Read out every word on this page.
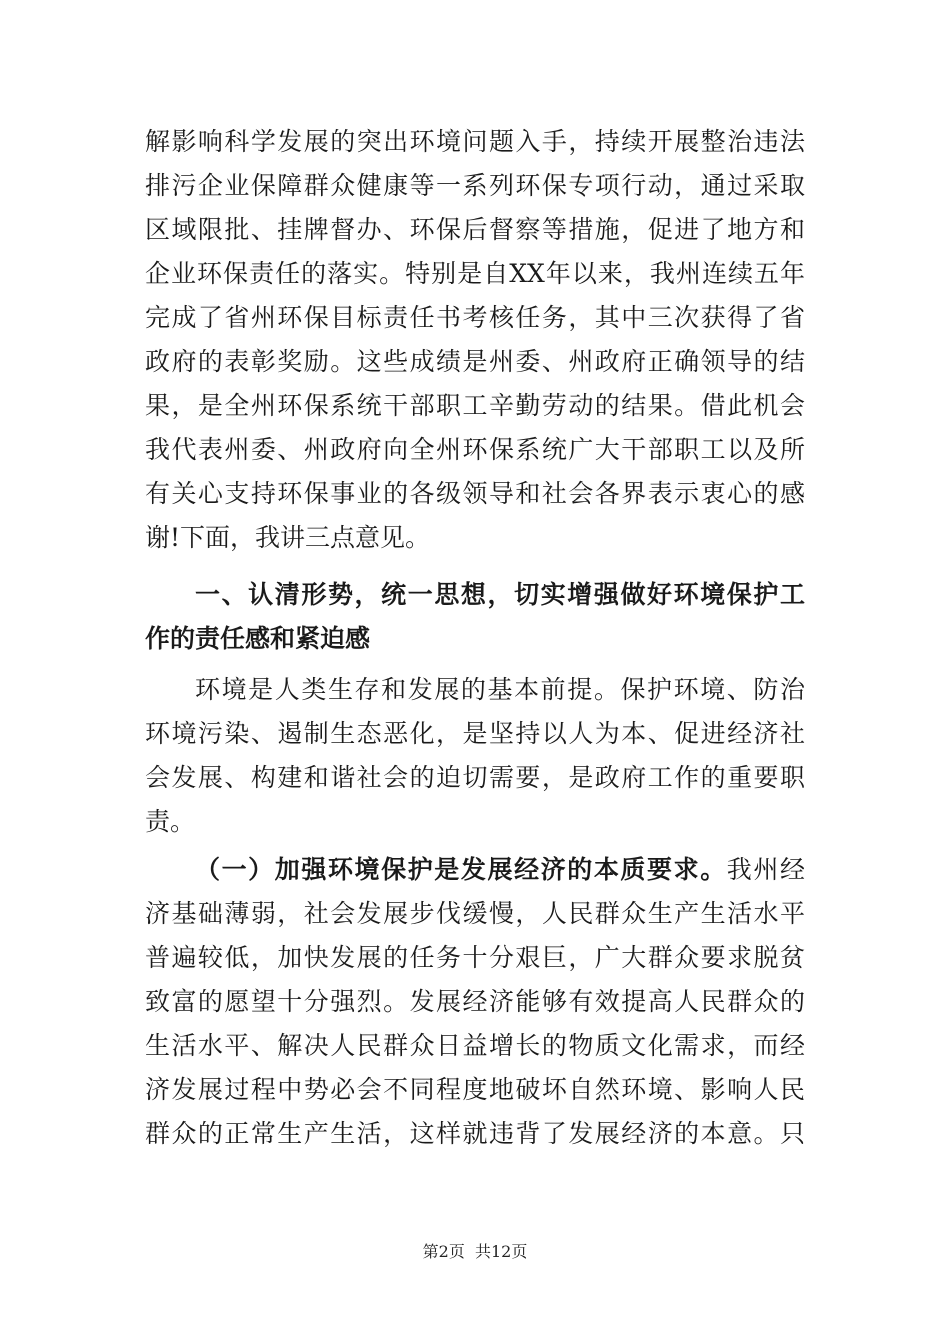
解影响科学发展的突出环境问题入手，持续开展整治违法
排污企业保障群众健康等一系列环保专项行动，通过采取
区域限批、挂牌督办、环保后督察等措施，促进了地方和
企业环保责任的落实。特别是自XX年以来，我州连续五年
完成了省州环保目标责任书考核任务，其中三次获得了省
政府的表彰奖励。这些成绩是州委、州政府正确领导的结
果，是全州环保系统干部职工辛勤劳动的结果。借此机会
我代表州委、州政府向全州环保系统广大干部职工以及所
有关心支持环保事业的各级领导和社会各界表示衷心的感
谢!下面，我讲三点意见。
一、认清形势，统一思想，切实增强做好环境保护工
作的责任感和紧迫感
环境是人类生存和发展的基本前提。保护环境、防治
环境污染、遏制生态恶化，是坚持以人为本、促进经济社
会发展、构建和谐社会的迫切需要，是政府工作的重要职
责。
（一）加强环境保护是发展经济的本质要求。我州经
济基础薄弱，社会发展步伐缓慢，人民群众生产生活水平
普遍较低，加快发展的任务十分艰巨，广大群众要求脱贫
致富的愿望十分强烈。发展经济能够有效提高人民群众的
生活水平、解决人民群众日益增长的物质文化需求，而经
济发展过程中势必会不同程度地破坏自然环境、影响人民
群众的正常生产生活，这样就违背了发展经济的本意。只
第2页  共12页
